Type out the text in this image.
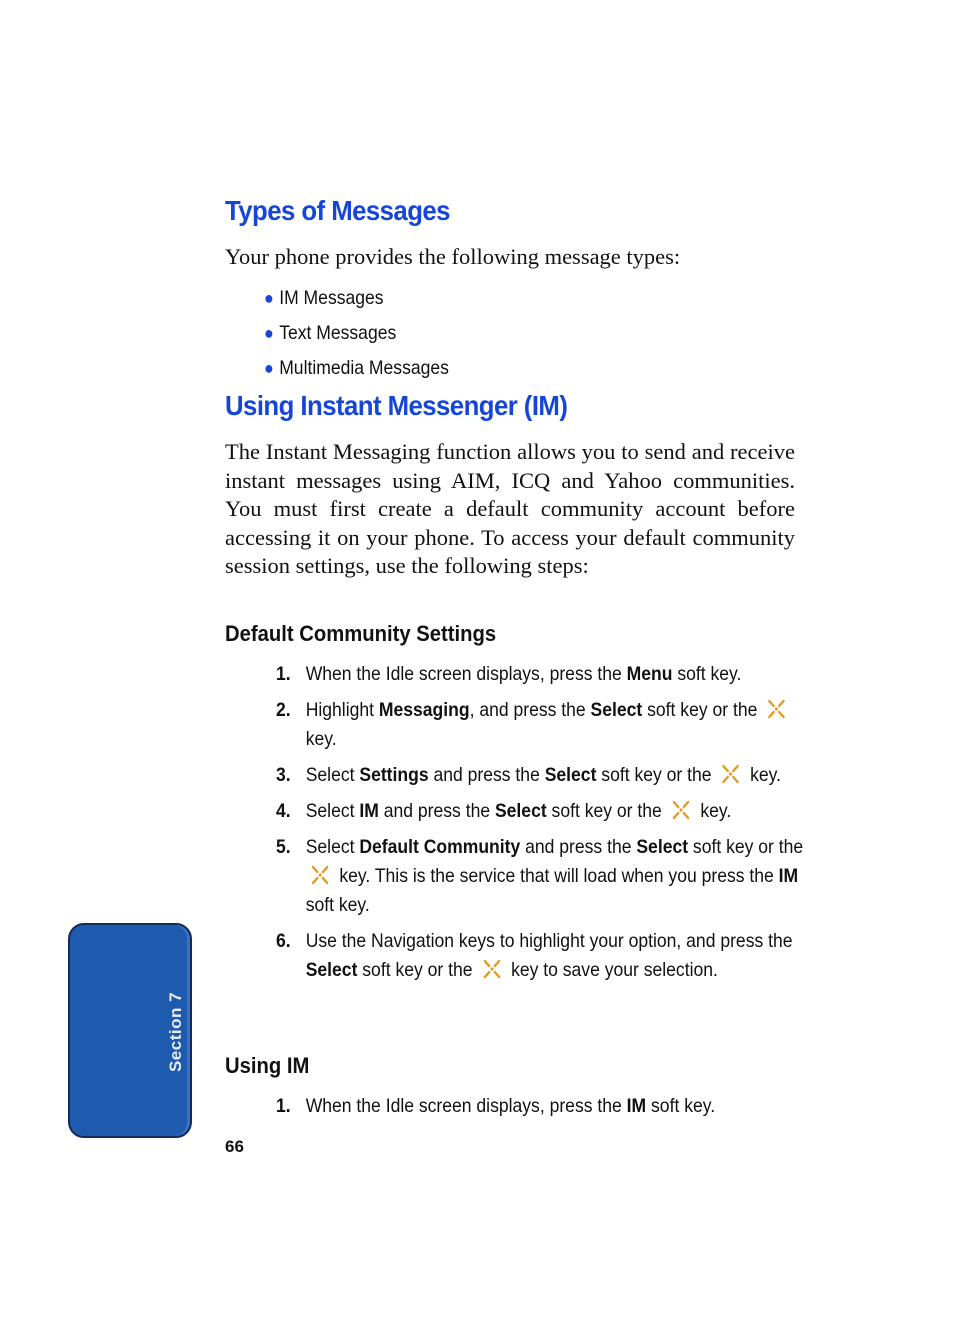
Types of Messages

Your phone provides the following message types:

● IM Messages
● Text Messages
● Multimedia Messages
Using Instant Messenger (IM)

The Instant Messaging function allows you to send and receive instant messages using AIM, ICQ and Yahoo communities. You must first create a default community account before accessing it on your phone. To access your default community session settings, use the following steps:

Default Community Settings
1. When the Idle screen displays, press the Menu soft key.
2. Highlight Messaging, and press the Select soft key or the  key.
3. Select Settings and press the Select soft key or the  key.
4. Select IM and press the Select soft key or the  key.
5. Select Default Community and press the Select soft key or the  key. This is the service that will load when you press the IM soft key.
6. Use the Navigation keys to highlight your option, and press the Select soft key or the  key to save your selection.
Using IM
1. When the Idle screen displays, press the IM soft key.
Section 7
66
